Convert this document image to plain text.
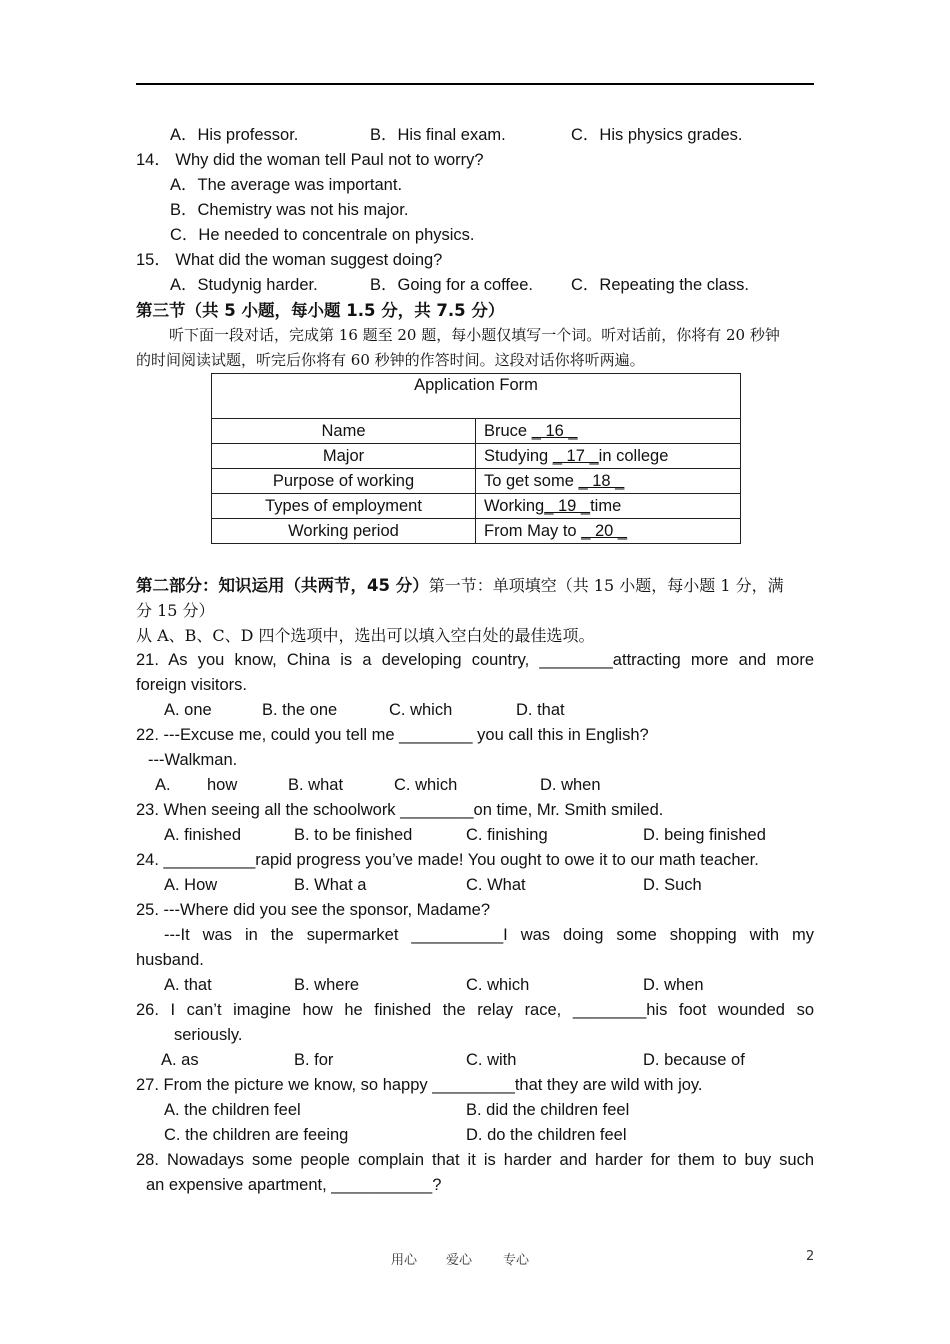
A．His professor.	B．His final exam.	C．His physics grades.
14． Why did the woman tell Paul not to worry?
A．The average was important.
B．Chemistry was not his major.
C．He needed to concentrale on physics.
15． What did the woman suggest doing?
A．Studynig harder.	B．Going for a coffee. C．Repeating the class.
第三节（共 5 小题，每小题 1.5 分，共 7.5 分）
听下面一段对话，完成第 16 题至 20 题，每小题仅填写一个词。听对话前，你将有 20 秒钟
的时间阅读试题，听完后你将有 60 秒钟的作答时间。这段对话你将听两遍。
Application Form	
Name	Bruce _ 16 _
Major	Studying _ 17 _in college
Purpose of working	To get some _ 18 _
Types of employment	Working_ 19 _time
Working period	From May to _ 20 _
第二部分：知识运用（共两节，45 分）第一节：单项填空（共 15 小题，每小题 1 分，满
分 15 分）
从 A、B、C、D 四个选项中，选出可以填入空白处的最佳选项。
21. As you know, China is a developing country, ________attracting more and more
foreign visitors.
A. one	B. the one	C. which	D. that
22. ---Excuse me, could you tell me ________ you call this in English?
---Walkman.
A. how	B. what	C. which	D. when
23. When seeing all the schoolwork ________on time, Mr. Smith smiled.
A. finished	B. to be finished	C. finishing	D. being finished
24. __________rapid progress you’ve made! You ought to owe it to our math teacher.
A. How	B. What a	C. What	D. Such
25. ---Where did you see the sponsor, Madame?
---It was in the supermarket __________I was doing some shopping with my
husband.
A. that	B. where	C. which	D. when
26. I can’t imagine how he finished the relay race, ________his foot wounded so
seriously.
A. as	B. for	C. with	D. because of
27. From the picture we know, so happy _________that they are wild with joy.
A. the children feel	B. did the children feel
C. the children are feeing	D. do the children feel
28. Nowadays some people complain that it is harder and harder for them to buy such
an expensive apartment, ___________?
用心 爱心 专心	2
